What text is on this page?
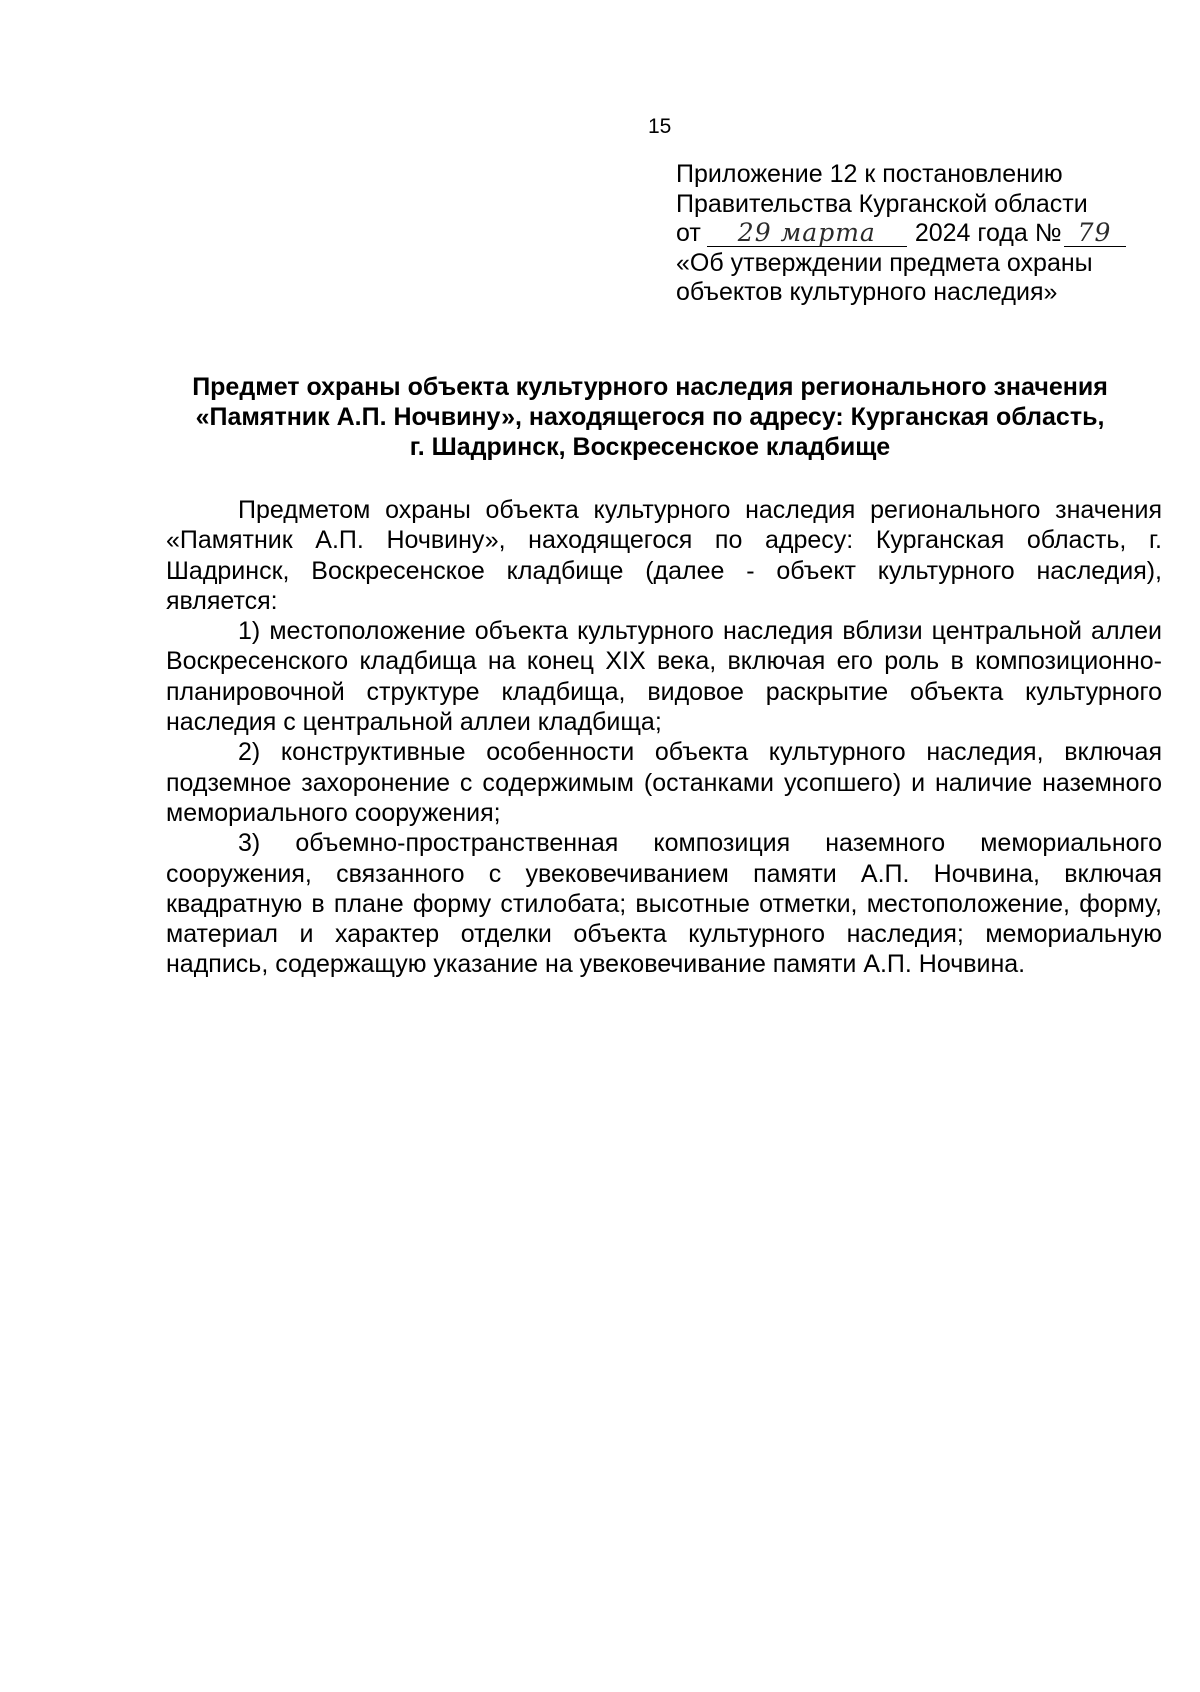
15
Приложение 12 к постановлению
Правительства Курганской области
от 29 марта 2024 года № 79
«Об утверждении предмета охраны
объектов культурного наследия»
Предмет охраны объекта культурного наследия регионального значения
«Памятник А.П. Ночвину», находящегося по адресу: Курганская область,
г. Шадринск, Воскресенское кладбище

Предметом охраны объекта культурного наследия регионального значения «Памятник А.П. Ночвину», находящегося по адресу: Курганская область, г. Шадринск, Воскресенское кладбище (далее - объект культурного наследия), является:

1) местоположение объекта культурного наследия вблизи центральной аллеи Воскресенского кладбища на конец XIX века, включая его роль в композиционно-планировочной структуре кладбища, видовое раскрытие объекта культурного наследия с центральной аллеи кладбища;

2) конструктивные особенности объекта культурного наследия, включая подземное захоронение с содержимым (останками усопшего) и наличие наземного мемориального сооружения;

3) объемно-пространственная композиция наземного мемориального сооружения, связанного с увековечиванием памяти А.П. Ночвина, включая квадратную в плане форму стилобата; высотные отметки, местоположение, форму, материал и характер отделки объекта культурного наследия; мемориальную надпись, содержащую указание на увековечивание памяти А.П. Ночвина.
